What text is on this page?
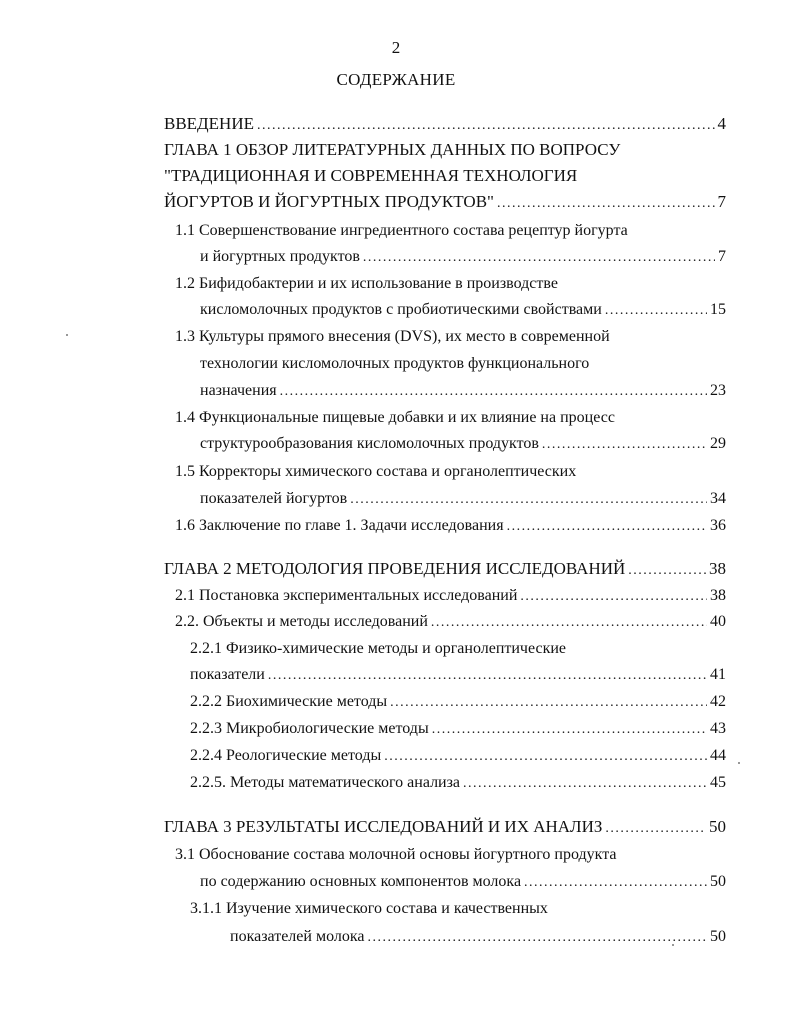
2
СОДЕРЖАНИЕ
ВВЕДЕНИЕ .....	4
ГЛАВА 1 ОБЗОР ЛИТЕРАТУРНЫХ ДАННЫХ ПО ВОПРОСУ
"ТРАДИЦИОННАЯ И СОВРЕМЕННАЯ ТЕХНОЛОГИЯ
ЙОГУРТОВ И ЙОГУРТНЫХ ПРОДУКТОВ" .....	7
1.1 Совершенствование ингредиентного состава рецептур йогурта
и йогуртных продуктов .....	7
1.2 Бифидобактерии и их использование в производстве
кисломолочных продуктов с пробиотическими свойствами .....	15
1.3 Культуры прямого внесения (DVS), их место в современной
технологии кисломолочных продуктов функционального
назначения .....	23
1.4 Функциональные пищевые добавки и их влияние на процесс
структурообразования кисломолочных продуктов .....	29
1.5 Корректоры химического состава и органолептических
показателей йогуртов .....	34
1.6 Заключение по главе 1. Задачи исследования .....	36
ГЛАВА 2 МЕТОДОЛОГИЯ ПРОВЕДЕНИЯ ИССЛЕДОВАНИЙ .....	38
2.1 Постановка экспериментальных исследований .....	38
2.2. Объекты и методы исследований .....	40
2.2.1 Физико-химические методы и органолептические
показатели .....	41
2.2.2 Биохимические методы .....	42
2.2.3 Микробиологические методы .....	43
2.2.4 Реологические методы .....	44
2.2.5. Методы математического анализа .....	45
ГЛАВА 3 РЕЗУЛЬТАТЫ ИССЛЕДОВАНИЙ И ИХ АНАЛИЗ .....	50
3.1 Обоснование состава молочной основы йогуртного продукта
по содержанию основных компонентов молока .....	50
3.1.1 Изучение химического состава и качественных
показателей молока .....	50
